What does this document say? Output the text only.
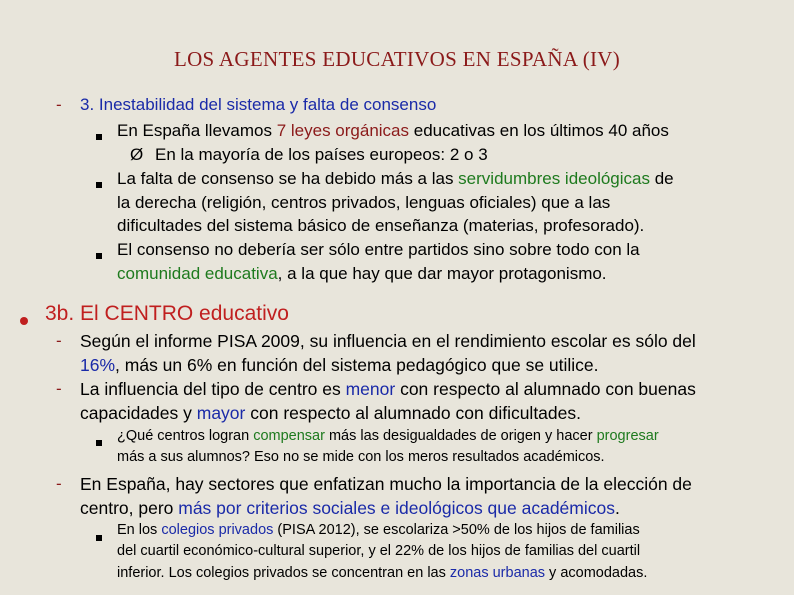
LOS AGENTES EDUCATIVOS EN ESPAÑA (IV)
- 3. Inestabilidad del sistema y falta de consenso
En España llevamos 7 leyes orgánicas educativas en los últimos 40 años
Ø En la mayoría de los países europeos: 2 o 3
La falta de consenso se ha debido más a las servidumbres ideológicas de
la derecha (religión, centros privados, lenguas oficiales) que a las
dificultades del sistema básico de enseñanza (materias, profesorado).
El consenso no debería ser sólo entre partidos sino sobre todo con la
comunidad educativa, a la que hay que dar mayor protagonismo.
3b. El CENTRO educativo
- Según el informe PISA 2009, su influencia en el rendimiento escolar es sólo del
16%, más un 6% en función del sistema pedagógico que se utilice.
- La influencia del tipo de centro es menor con respecto al alumnado con buenas
capacidades y mayor con respecto al alumnado con dificultades.
¿Qué centros logran compensar más las desigualdades de origen y hacer progresar
más a sus alumnos? Eso no se mide con los meros resultados académicos.
- En España, hay sectores que enfatizan mucho la importancia de la elección de
centro, pero más por criterios sociales e ideológicos que académicos.
En los colegios privados (PISA 2012), se escolariza >50% de los hijos de familias
del cuartil económico-cultural superior, y el 22% de los hijos de familias del cuartil
inferior. Los colegios privados se concentran en las zonas urbanas y acomodadas.
